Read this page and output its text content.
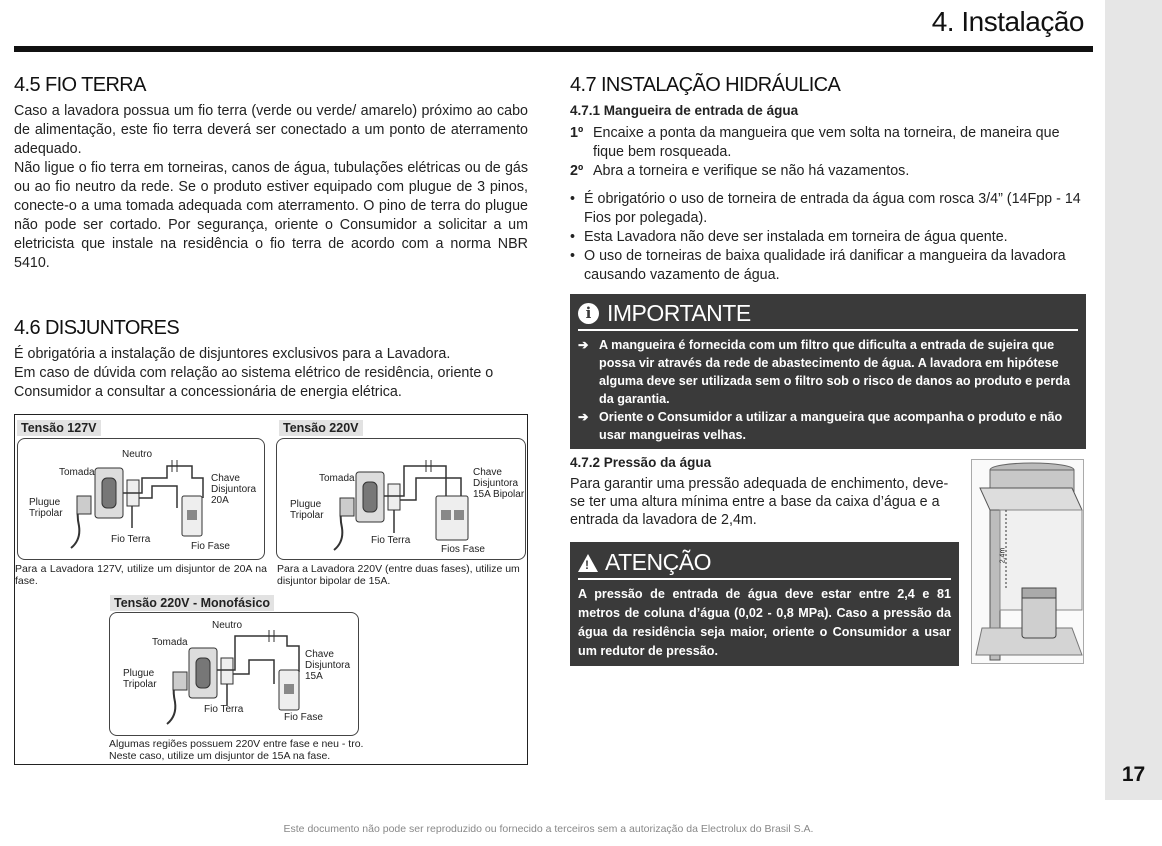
17
4. Instalação
4.5 FIO TERRA

Caso a lavadora possua um fio terra (verde ou verde/ amarelo) próximo ao cabo de alimentação, este fio terra deverá ser conectado a um ponto de aterramento adequado.

Não ligue o fio terra em torneiras, canos de água, tubulações elétricas ou de gás ou ao fio neutro da rede. Se o produto estiver equipado com plugue de 3 pinos, conecte-o a uma tomada adequada com aterramento. O pino de terra do plugue não pode ser cortado. Por segurança, oriente o Consumidor a solicitar a um eletricista que instale na residência o fio terra de acordo com a norma NBR 5410.

4.6 DISJUNTORES

É obrigatória a instalação de disjuntores exclusivos para a Lavadora.

Em caso de dúvida com relação ao sistema elétrico de residência, oriente o Consumidor a consultar a concessionária de energia elétrica.

Tensão 127V
Neutro
Tomada
Plugue Tripolar
Chave Disjuntora 20A
Fio Terra
Fio Fase
Para a Lavadora 127V, utilize um disjuntor de 20A na fase.
Tensão 220V
Tomada
Plugue Tripolar
Chave Disjuntora 15A Bipolar
Fio Terra
Fios Fase
Para a Lavadora 220V (entre duas fases), utilize um disjuntor bipolar de 15A.
Tensão 220V - Monofásico
Neutro
Tomada
Plugue Tripolar
Chave Disjuntora 15A
Fio Terra
Fio Fase
Algumas regiões possuem 220V entre fase e neu - tro. Neste caso, utilize um disjuntor de 15A na fase.
4.7 INSTALAÇÃO HIDRÁULICA
4.7.1 Mangueira de entrada de água
1º Encaixe a ponta da mangueira que vem solta na torneira, de maneira que fique bem rosqueada.
2º Abra a torneira e verifique se não há vazamentos.
• É obrigatório o uso de torneira de entrada da água com rosca 3/4” (14Fpp - 14 Fios por polegada).
• Esta Lavadora não deve ser instalada em torneira de água quente.
• O uso de torneiras de baixa qualidade irá danificar a mangueira da lavadora causando vazamento de água.
i IMPORTANTE
➔ A mangueira é fornecida com um filtro que dificulta a entrada de sujeira que possa vir através da rede de abastecimento de água. A lavadora em hipótese alguma deve ser utilizada sem o filtro sob o risco de danos ao produto e perda da garantia.
➔ Oriente o Consumidor a utilizar a mangueira que acompanha o produto e não usar mangueiras velhas.
4.7.2 Pressão da água

Para garantir uma pressão adequada de enchimento, deve-se ter uma altura mínima entre a base da caixa d’água e a entrada da lavadora de 2,4m.

2,4m
! ATENÇÃO
A pressão de entrada de água deve estar entre 2,4 e 81 metros de coluna d’água (0,02 - 0,8 MPa). Caso a pressão da água da residência seja maior, oriente o Consumidor a usar um redutor de pressão.
Este documento não pode ser reproduzido ou fornecido a terceiros sem a autorização da Electrolux do Brasil S.A.
